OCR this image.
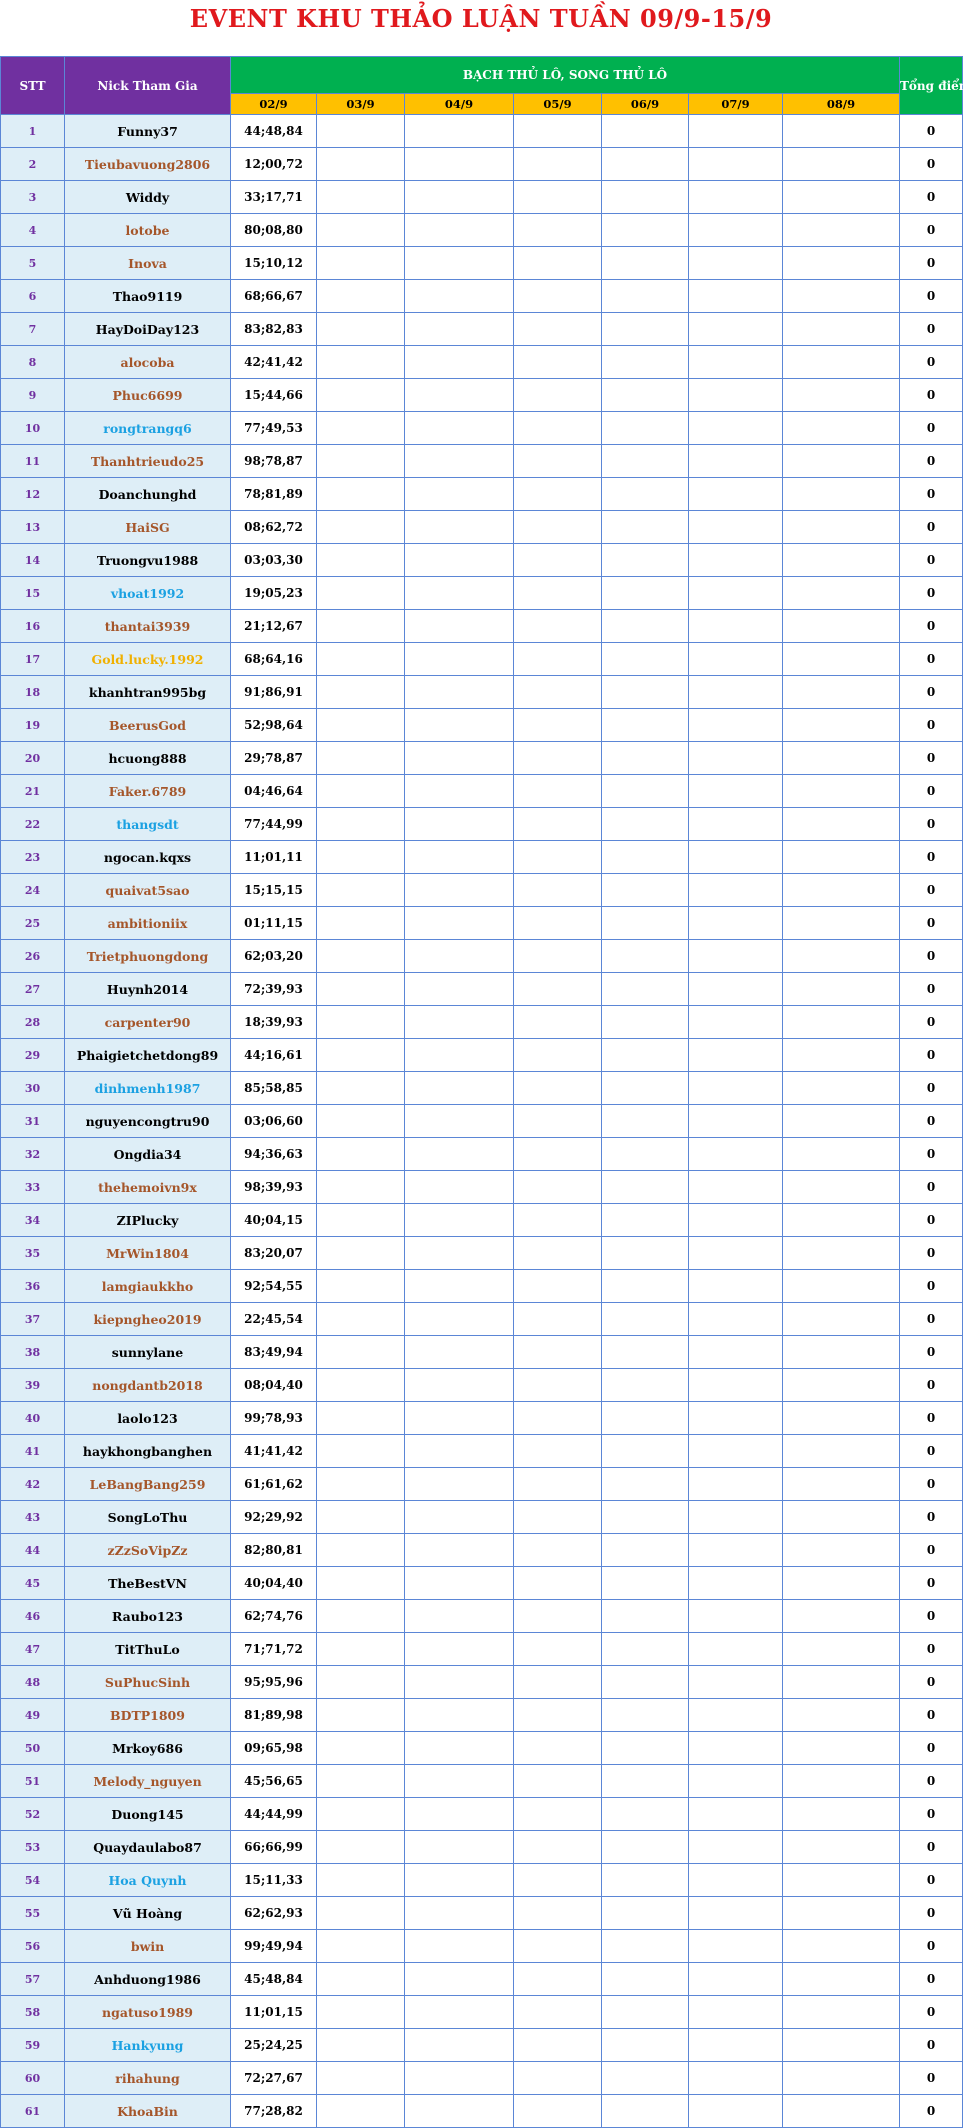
EVENT KHU THẢO LUẬN TUẦN 09/9-15/9
STT	Nick Tham Gia	BẠCH THỦ LÔ, SONG THỦ LÔ							Tổng điểm
		02/9	03/9	04/9	05/9	06/9	07/9	08/9	
1	Funny37	44;48,84							0
2	Tieubavuong2806	12;00,72							0
3	Widdy	33;17,71							0
4	lotobe	80;08,80							0
5	Inova	15;10,12							0
6	Thao9119	68;66,67							0
7	HayDoiDay123	83;82,83							0
8	alocoba	42;41,42							0
9	Phuc6699	15;44,66							0
10	rongtrangq6	77;49,53							0
11	Thanhtrieudo25	98;78,87							0
12	Doanchunghd	78;81,89							0
13	HaiSG	08;62,72							0
14	Truongvu1988	03;03,30							0
15	vhoat1992	19;05,23							0
16	thantai3939	21;12,67							0
17	Gold.lucky.1992	68;64,16							0
18	khanhtran995bg	91;86,91							0
19	BeerusGod	52;98,64							0
20	hcuong888	29;78,87							0
21	Faker.6789	04;46,64							0
22	thangsdt	77;44,99							0
23	ngocan.kqxs	11;01,11							0
24	quaivat5sao	15;15,15							0
25	ambitioniix	01;11,15							0
26	Trietphuongdong	62;03,20							0
27	Huynh2014	72;39,93							0
28	carpenter90	18;39,93							0
29	Phaigietchetdong89	44;16,61							0
30	dinhmenh1987	85;58,85							0
31	nguyencongtru90	03;06,60							0
32	Ongdia34	94;36,63							0
33	thehemoivn9x	98;39,93							0
34	ZIPlucky	40;04,15							0
35	MrWin1804	83;20,07							0
36	lamgiaukkho	92;54,55							0
37	kiepngheo2019	22;45,54							0
38	sunnylane	83;49,94							0
39	nongdantb2018	08;04,40							0
40	laolo123	99;78,93							0
41	haykhongbanghen	41;41,42							0
42	LeBangBang259	61;61,62							0
43	SongLoThu	92;29,92							0
44	zZzSoVipZz	82;80,81							0
45	TheBestVN	40;04,40							0
46	Raubo123	62;74,76							0
47	TitThuLo	71;71,72							0
48	SuPhucSinh	95;95,96							0
49	BDTP1809	81;89,98							0
50	Mrkoy686	09;65,98							0
51	Melody_nguyen	45;56,65							0
52	Duong145	44;44,99							0
53	Quaydaulabo87	66;66,99							0
54	Hoa Quynh	15;11,33							0
55	Vũ Hoàng	62;62,93							0
56	bwin	99;49,94							0
57	Anhduong1986	45;48,84							0
58	ngatuso1989	11;01,15							0
59	Hankyung	25;24,25							0
60	rihahung	72;27,67							0
61	KhoaBin	77;28,82							0
